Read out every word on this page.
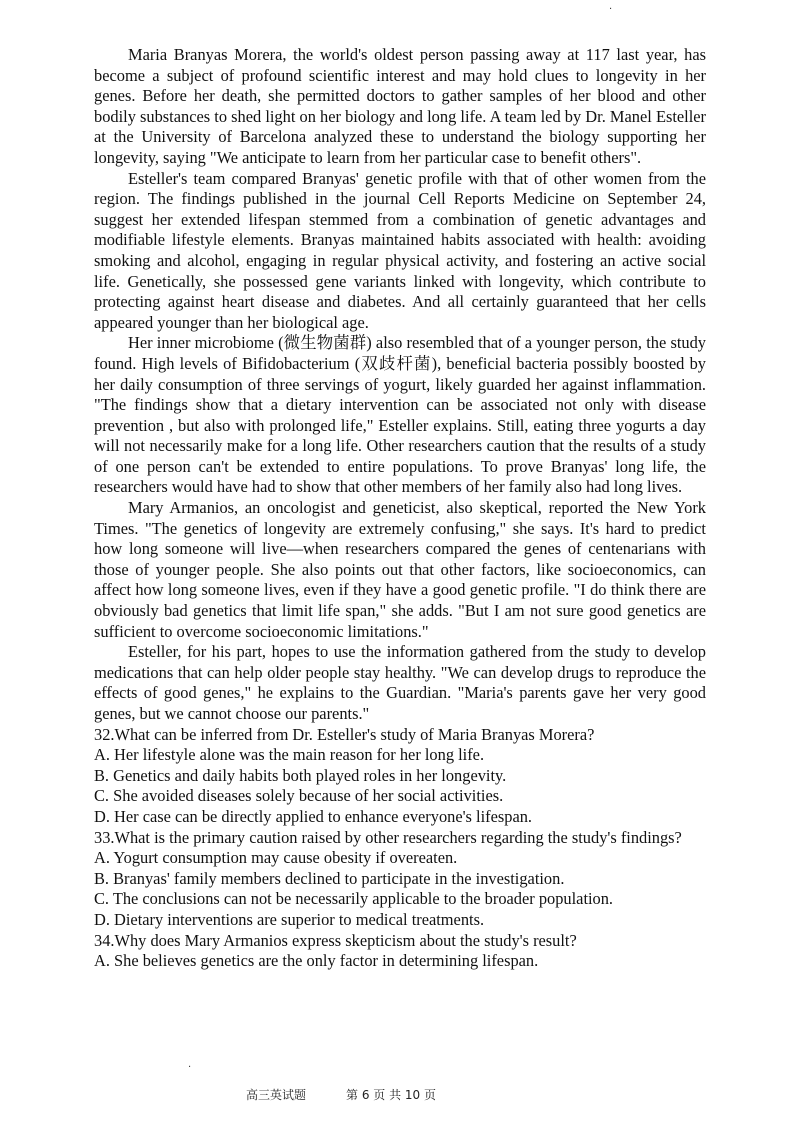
·

Maria Branyas Morera, the world's oldest person passing away at 117 last year, has become a subject of profound scientific interest and may hold clues to longevity in her genes. Before her death, she permitted doctors to gather samples of her blood and other bodily substances to shed light on her biology and long life. A team led by Dr. Manel Esteller at the University of Barcelona analyzed these to understand the biology supporting her longevity, saying "We anticipate to learn from her particular case to benefit others".

Esteller's team compared Branyas' genetic profile with that of other women from the region. The findings published in the journal Cell Reports Medicine on September 24, suggest her extended lifespan stemmed from a combination of genetic advantages and modifiable lifestyle elements. Branyas maintained habits associated with health: avoiding smoking and alcohol, engaging in regular physical activity, and fostering an active social life. Genetically, she possessed gene variants linked with longevity, which contribute to protecting against heart disease and diabetes. And all certainly guaranteed that her cells appeared younger than her biological age.

Her inner microbiome (微生物菌群) also resembled that of a younger person, the study found. High levels of Bifidobacterium (双歧杆菌), beneficial bacteria possibly boosted by her daily consumption of three servings of yogurt, likely guarded her against inflammation. "The findings show that a dietary intervention can be associated not only with disease prevention , but also with prolonged life," Esteller explains. Still, eating three yogurts a day will not necessarily make for a long life. Other researchers caution that the results of a study of one person can't be extended to entire populations. To prove Branyas' long life, the researchers would have had to show that other members of her family also had long lives.

Mary Armanios, an oncologist and geneticist, also skeptical, reported the New York Times. "The genetics of longevity are extremely confusing," she says. It's hard to predict how long someone will live—when researchers compared the genes of centenarians with those of younger people. She also points out that other factors, like socioeconomics, can affect how long someone lives, even if they have a good genetic profile. "I do think there are obviously bad genetics that limit life span," she adds. "But I am not sure good genetics are sufficient to overcome socioeconomic limitations."

Esteller, for his part, hopes to use the information gathered from the study to develop medications that can help older people stay healthy. "We can develop drugs to reproduce the effects of good genes," he explains to the Guardian. "Maria's parents gave her very good genes, but we cannot choose our parents."

32.What can be inferred from Dr. Esteller's study of Maria Branyas Morera?

A. Her lifestyle alone was the main reason for her long life.

B. Genetics and daily habits both played roles in her longevity.

C. She avoided diseases solely because of her social activities.

D. Her case can be directly applied to enhance everyone's lifespan.

33.What is the primary caution raised by other researchers regarding the study's findings?

A. Yogurt consumption may cause obesity if overeaten.

B. Branyas' family members declined to participate in the investigation.

C. The conclusions can not be necessarily applicable to the broader population.

D. Dietary interventions are superior to medical treatments.

34.Why does Mary Armanios express skepticism about the study's result?

A. She believes genetics are the only factor in determining lifespan.

·
高三英试题	第 6 页 共 10 页
